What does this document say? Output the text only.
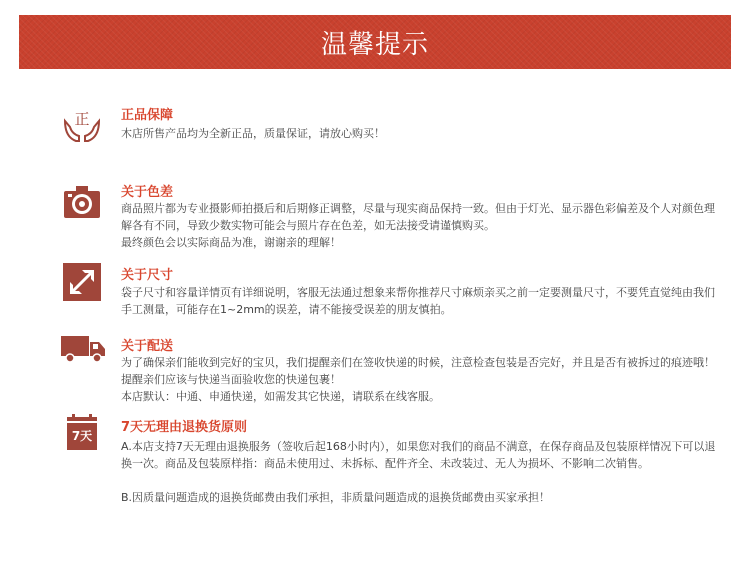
温馨提示
正 正品保障

木店所售产品均为全新正品，质量保证，请放心购买！

关于色差

商品照片都为专业摄影师拍摄后和后期修正调整，尽量与现实商品保持一致。但由于灯光、显示器色彩偏差及个人对颜色理解各有不同，导致少数实物可能会与照片存在色差，如无法接受请谨慎购买。

最终颜色会以实际商品为准，谢谢亲的理解！

关于尺寸

袋子尺寸和容量详情页有详细说明，客服无法通过想象来帮你推荐尺寸麻烦亲买之前一定要测量尺寸，不要凭直觉纯由我们手工测量，可能存在1~2mm的误差，请不能接受误差的朋友慎拍。

关于配送

为了确保亲们能收到完好的宝贝，我们提醒亲们在签收快递的时候，注意检查包装是否完好，并且是否有被拆过的痕迹哦！提醒亲们应该与快递当面验收您的快递包裹！

本店默认：中通、申通快递，如需发其它快递，请联系在线客服。

7天
7天无理由退换货原则

A.本店支持7天无理由退换服务（签收后起168小时内），如果您对我们的商品不满意，在保存商品及包装原样情况下可以退换一次。商品及包装原样指：商品未使用过、未拆标、配件齐全、未改装过、无人为损坏、不影响二次销售。

B.因质量问题造成的退换货邮费由我们承担，非质量问题造成的退换货邮费由买家承担！
